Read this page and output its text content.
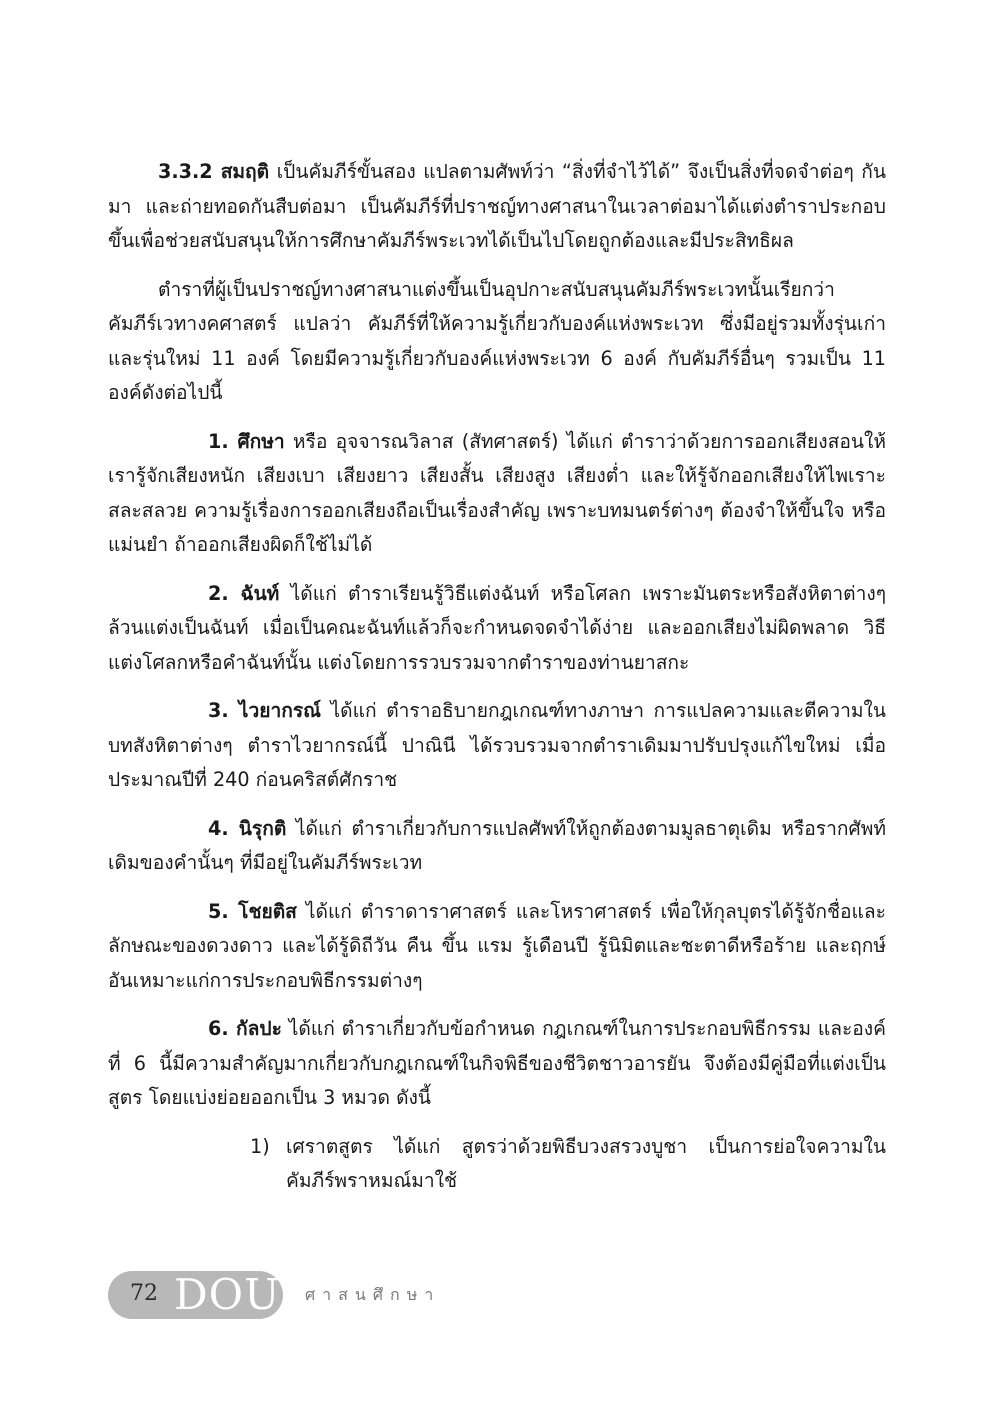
3.3.2 สมฤติ เป็นคัมภีร์ขั้นสอง แปลตามศัพท์ว่า “สิ่งที่จำไว้ได้” จึงเป็นสิ่งที่จดจำต่อๆ กันมา และถ่ายทอดกันสืบต่อมา เป็นคัมภีร์ที่ปราชญ์ทางศาสนาในเวลาต่อมาได้แต่งตำราประกอบขึ้นเพื่อช่วยสนับสนุนให้การศึกษาคัมภีร์พระเวทได้เป็นไปโดยถูกต้องและมีประสิทธิผล

ตำราที่ผู้เป็นปราชญ์ทางศาสนาแต่งขึ้นเป็นอุปกาะสนับสนุนคัมภีร์พระเวทนั้นเรียกว่า คัมภีร์เวทางคศาสตร์ แปลว่า คัมภีร์ที่ให้ความรู้เกี่ยวกับองค์แห่งพระเวท ซึ่งมีอยู่รวมทั้งรุ่นเก่าและรุ่นใหม่ 11 องค์ โดยมีความรู้เกี่ยวกับองค์แห่งพระเวท 6 องค์ กับคัมภีร์อื่นๆ รวมเป็น 11 องค์ดังต่อไปนี้

1. ศึกษา หรือ อุจจารณวิลาส (สัทศาสตร์) ได้แก่ ตำราว่าด้วยการออกเสียงสอนให้เรารู้จักเสียงหนัก เสียงเบา เสียงยาว เสียงสั้น เสียงสูง เสียงต่ำ และให้รู้จักออกเสียงให้ไพเราะสละสลวย ความรู้เรื่องการออกเสียงถือเป็นเรื่องสำคัญ เพราะบทมนตร์ต่างๆ ต้องจำให้ขึ้นใจ หรือแม่นยำ ถ้าออกเสียงผิดก็ใช้ไม่ได้

2. ฉันท์ ได้แก่ ตำราเรียนรู้วิธีแต่งฉันท์ หรือโศลก เพราะมันตระหรือสังหิตาต่างๆ ล้วนแต่งเป็นฉันท์ เมื่อเป็นคณะฉันท์แล้วก็จะกำหนดจดจำได้ง่าย และออกเสียงไม่ผิดพลาด วิธีแต่งโศลกหรือคำฉันท์นั้น แต่งโดยการรวบรวมจากตำราของท่านยาสกะ

3. ไวยากรณ์ ได้แก่ ตำราอธิบายกฎเกณฑ์ทางภาษา การแปลความและตีความในบทสังหิตาต่างๆ ตำราไวยากรณ์นี้ ปาณินี ได้รวบรวมจากตำราเดิมมาปรับปรุงแก้ไขใหม่ เมื่อประมาณปีที่ 240 ก่อนคริสต์ศักราช

4. นิรุกติ ได้แก่ ตำราเกี่ยวกับการแปลศัพท์ให้ถูกต้องตามมูลธาตุเดิม หรือรากศัพท์เดิมของคำนั้นๆ ที่มีอยู่ในคัมภีร์พระเวท

5. โชยติส ได้แก่ ตำราดาราศาสตร์ และโหราศาสตร์ เพื่อให้กุลบุตรได้รู้จักชื่อและลักษณะของดวงดาว และได้รู้ดิถีวัน คืน ขึ้น แรม รู้เดือนปี รู้นิมิตและชะตาดีหรือร้าย และฤกษ์อันเหมาะแก่การประกอบพิธีกรรมต่างๆ

6. กัลปะ ได้แก่ ตำราเกี่ยวกับข้อกำหนด กฎเกณฑ์ในการประกอบพิธีกรรม และองค์ที่ 6 นี้มีความสำคัญมากเกี่ยวกับกฎเกณฑ์ในกิจพิธีของชีวิตชาวอารยัน จึงต้องมีคู่มือที่แต่งเป็นสูตร โดยแบ่งย่อยออกเป็น 3 หมวด ดังนี้

1) เศราตสูตร ได้แก่ สูตรว่าด้วยพิธีบวงสรวงบูชา เป็นการย่อใจความในคัมภีร์พราหมณ์มาใช้
72 DOU ศาสนศึกษา
